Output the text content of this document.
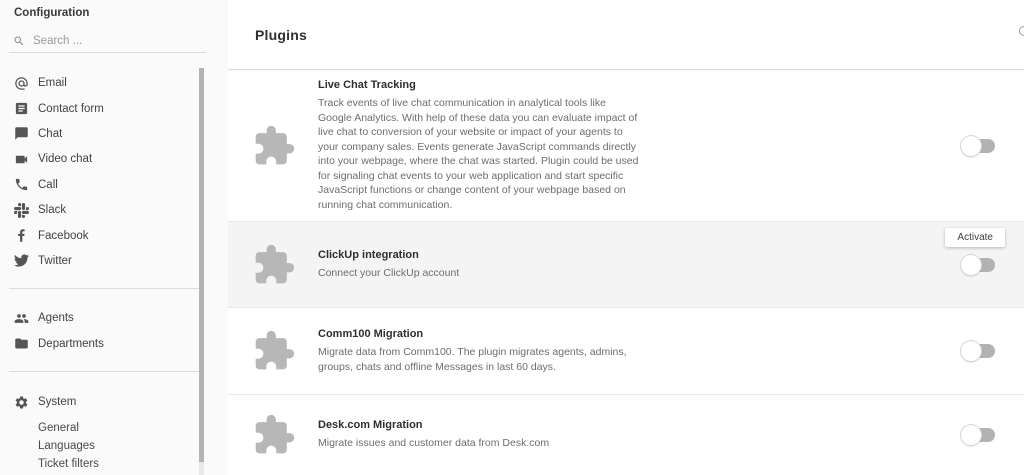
Configuration
Search ...
Email
Contact form
Chat
Video chat
Call
Slack
Facebook
Twitter
Agents
Departments
System
General
Languages
Ticket filters
Plugins
Live Chat Tracking
Track events of live chat communication in analytical tools like Google Analytics. With help of these data you can evaluate impact of live chat to conversion of your website or impact of your agents to your company sales. Events generate JavaScript commands directly into your webpage, where the chat was started. Plugin could be used for signaling chat events to your web application and start specific JavaScript functions or change content of your webpage based on running chat communication.
Activate
ClickUp integration
Connect your ClickUp account
Comm100 Migration
Migrate data from Comm100. The plugin migrates agents, admins, groups, chats and offline Messages in last 60 days.
Desk.com Migration
Migrate issues and customer data from Desk.com
